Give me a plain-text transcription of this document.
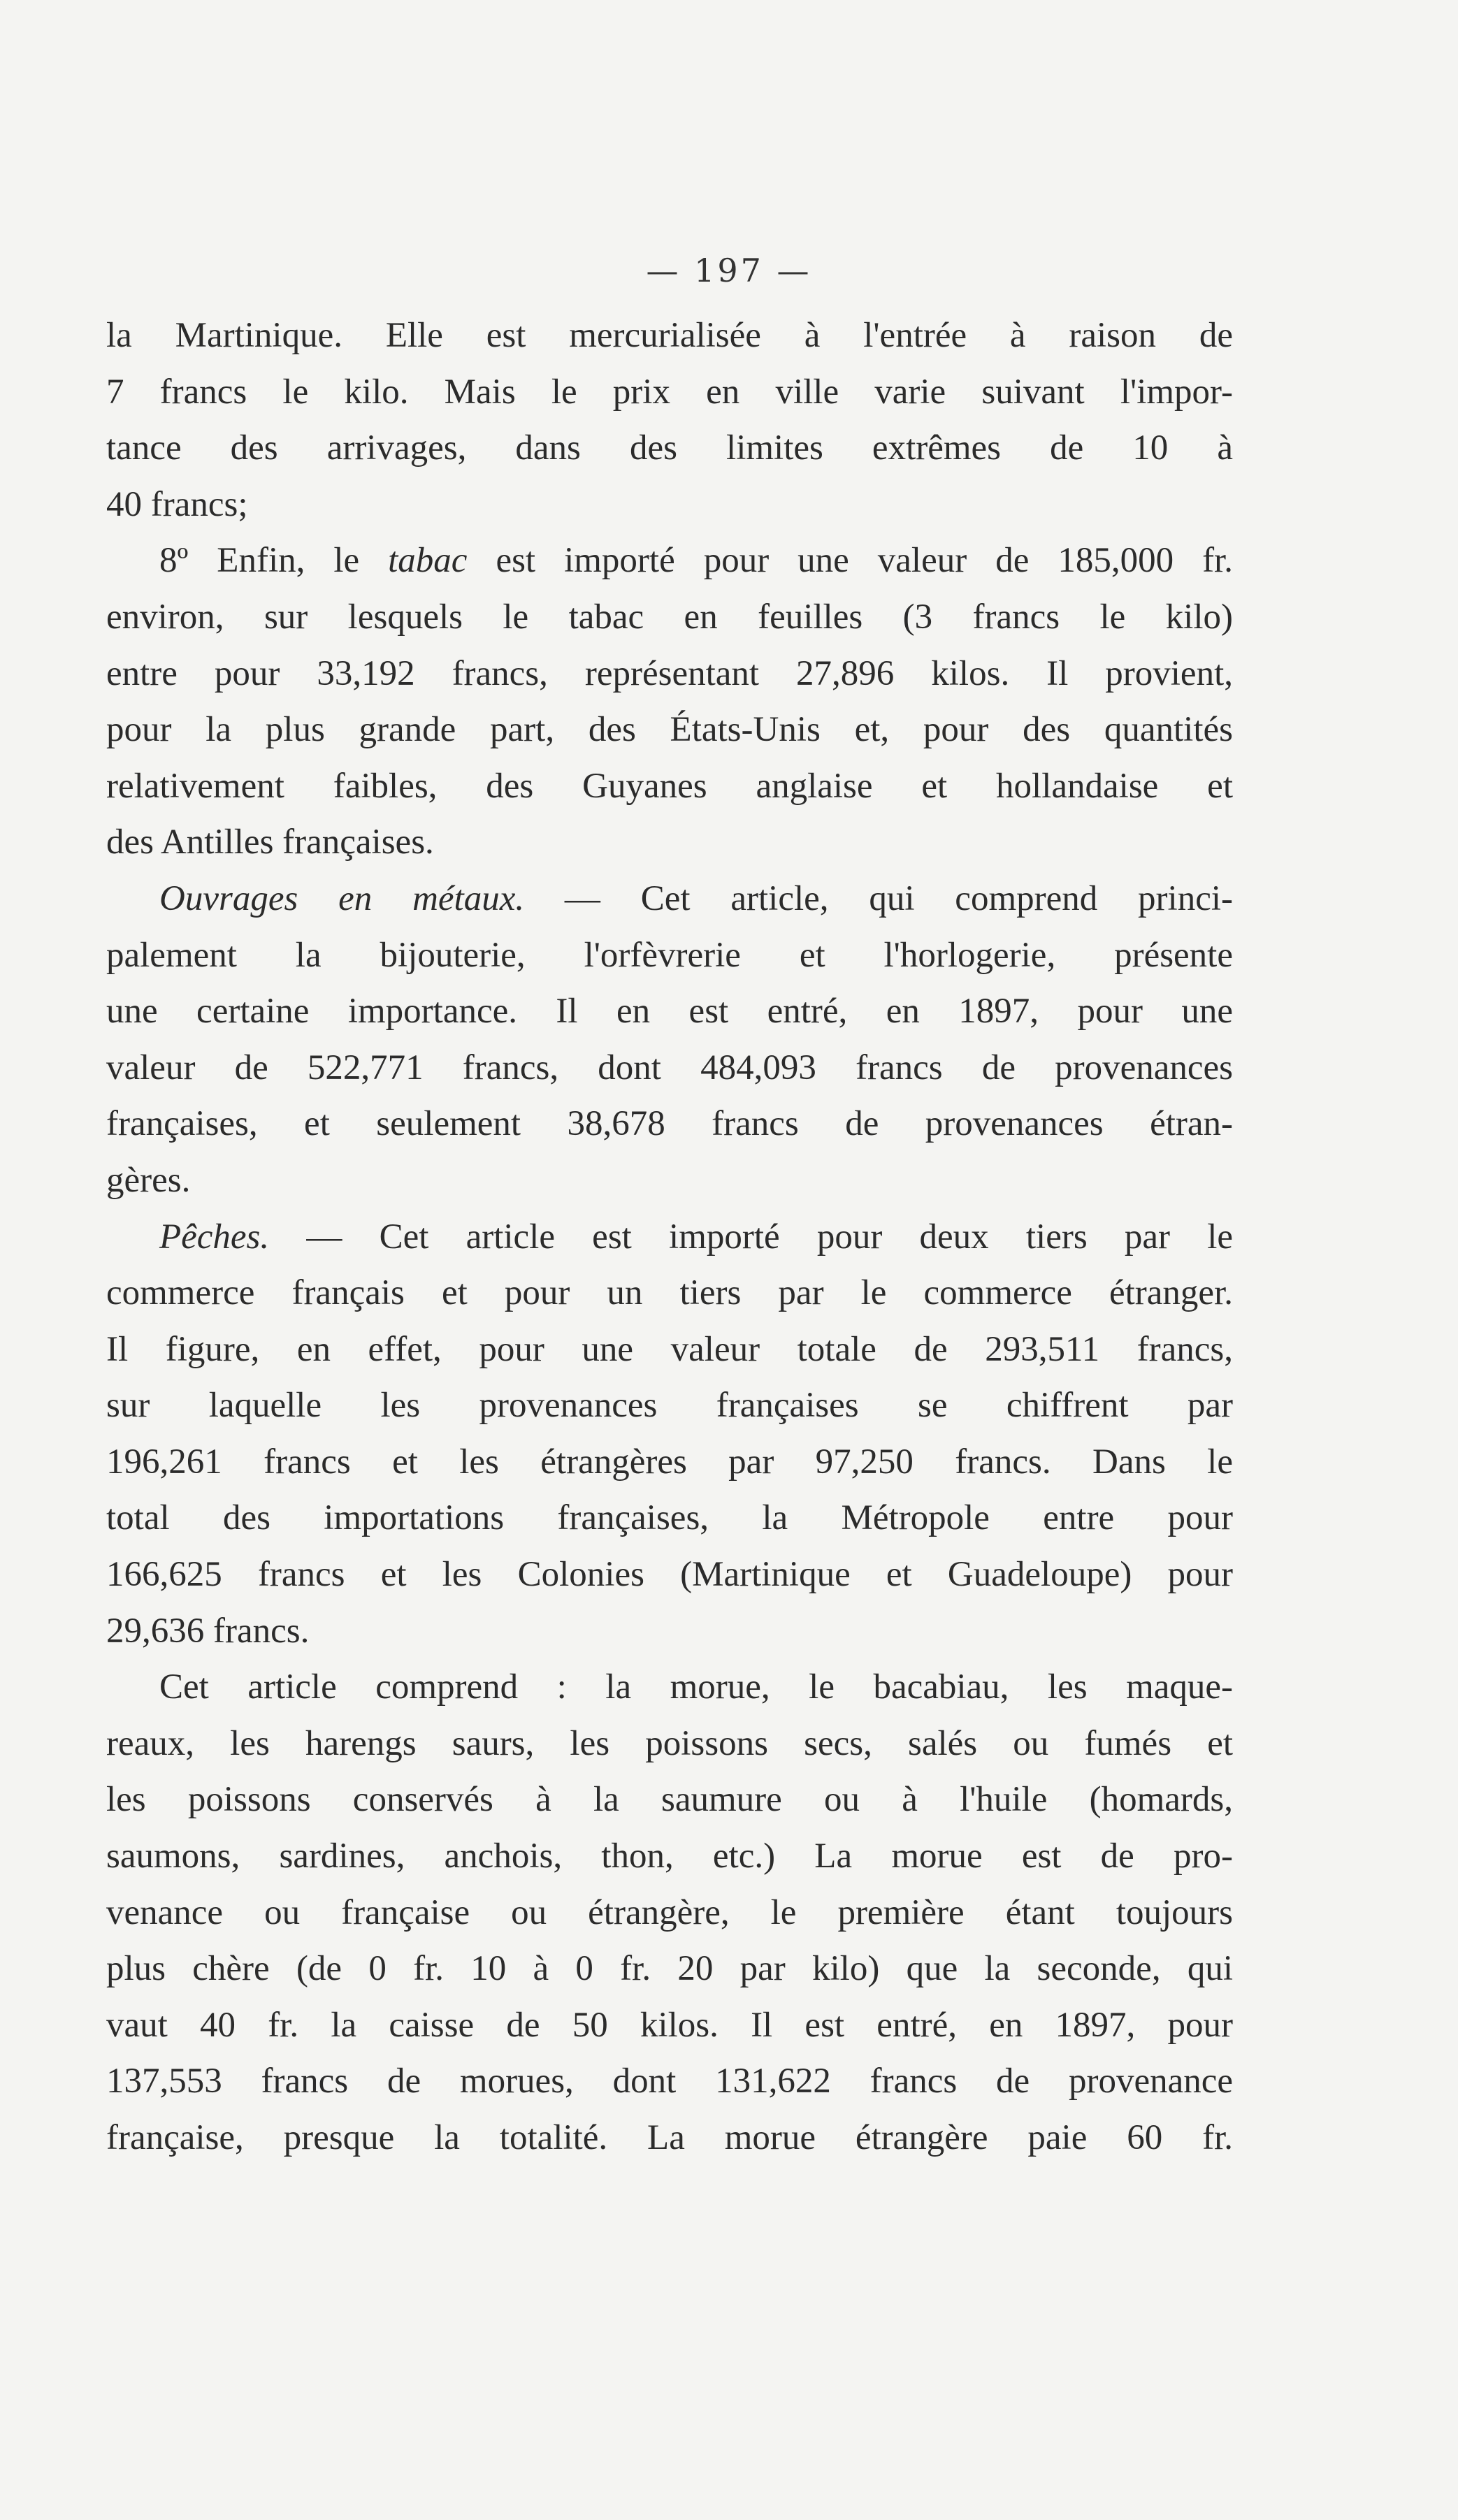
— 197 —
la Martinique. Elle est mercurialisée à l'entrée à raison de
7 francs le kilo. Mais le prix en ville varie suivant l'impor-
tance des arrivages, dans des limites extrêmes de 10 à
40 francs;
8º Enfin, le tabac est importé pour une valeur de 185,000 fr.
environ, sur lesquels le tabac en feuilles (3 francs le kilo)
entre pour 33,192 francs, représentant 27,896 kilos. Il provient,
pour la plus grande part, des États-Unis et, pour des quantités
relativement faibles, des Guyanes anglaise et hollandaise et
des Antilles françaises.
Ouvrages en métaux. — Cet article, qui comprend princi-
palement la bijouterie, l'orfèvrerie et l'horlogerie, présente
une certaine importance. Il en est entré, en 1897, pour une
valeur de 522,771 francs, dont 484,093 francs de provenances
françaises, et seulement 38,678 francs de provenances étran-
gères.
Pêches. — Cet article est importé pour deux tiers par le
commerce français et pour un tiers par le commerce étranger.
Il figure, en effet, pour une valeur totale de 293,511 francs,
sur laquelle les provenances françaises se chiffrent par
196,261 francs et les étrangères par 97,250 francs. Dans le
total des importations françaises, la Métropole entre pour
166,625 francs et les Colonies (Martinique et Guadeloupe) pour
29,636 francs.
Cet article comprend : la morue, le bacabiau, les maque-
reaux, les harengs saurs, les poissons secs, salés ou fumés et
les poissons conservés à la saumure ou à l'huile (homards,
saumons, sardines, anchois, thon, etc.) La morue est de pro-
venance ou française ou étrangère, le première étant toujours
plus chère (de 0 fr. 10 à 0 fr. 20 par kilo) que la seconde, qui
vaut 40 fr. la caisse de 50 kilos. Il est entré, en 1897, pour
137,553 francs de morues, dont 131,622 francs de provenance
française, presque la totalité. La morue étrangère paie 60 fr.
